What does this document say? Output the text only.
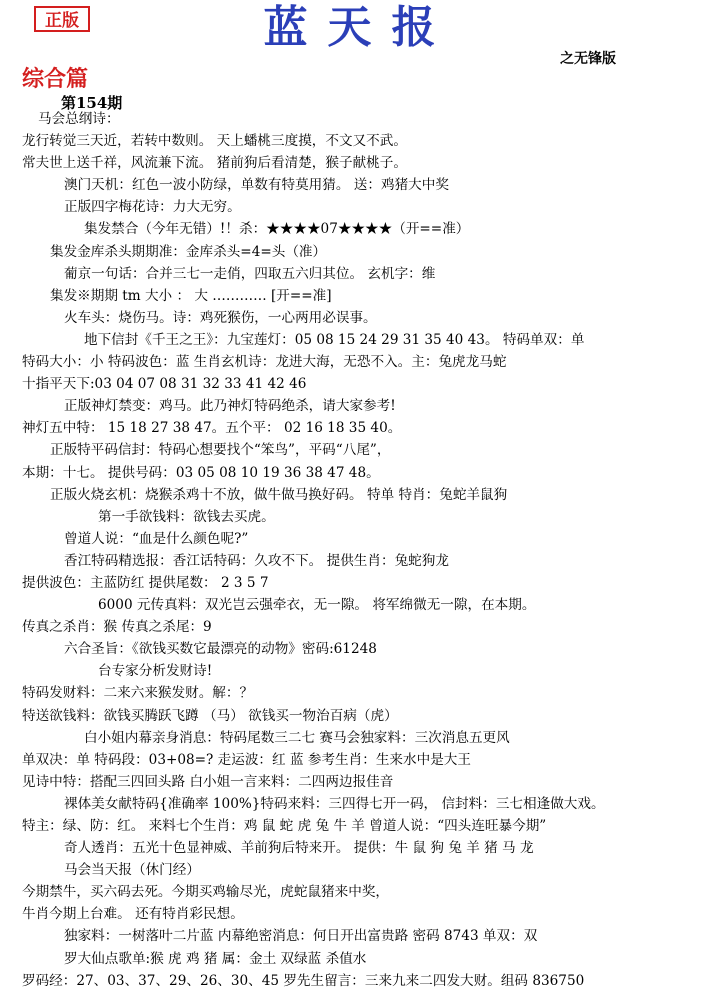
正版	蓝天报
之无锋版
综合篇
第154期
马会总纲诗：
龙行转觉三天近，若转中数则。 天上蟠桃三度摸，不文又不武。
常夫世上送千祥，风流兼下流。 猪前狗后看清楚，猴子献桃子。
澳门天机：红色一波小防绿，单数有特莫用猜。 送：鸡猪大中奖
正版四字梅花诗：力大无穷。
集发禁合（今年无错）!！杀：★★★★07★★★★（开==准）
集发金库杀头期期准：金库杀头=4=头（准）
葡京一句话：合并三七一走俏，四取五六归其位。 玄机字：维
集发※期期 tm 大小 ： 大 ………… [开==准]
火车头：烧伤马。诗：鸡死猴伤，一心两用必误事。
地下信封《千王之王》：九宝莲灯：05 08 15 24 29 31 35 40 43。 特码单双：单
特码大小：小 特码波色：蓝 生肖玄机诗：龙进大海，无恐不入。主：兔虎龙马蛇
十指平天下:03 04 07 08 31 32 33 41 42 46
正版神灯禁变：鸡马。此乃神灯特码绝杀，请大家参考!
神灯五中特： 15 18 27 38 47。五个平： 02 16 18 35 40。
正版特平码信封：特码心想要找个“笨鸟”，平码“八尾”，
本期：十七。 提供号码：03 05 08 10 19 36 38 47 48。
正版火烧玄机：烧猴杀鸡十不放，做牛做马换好码。 特单 特肖：兔蛇羊鼠狗
第一手欲钱料：欲钱去买虎。
曾道人说：“血是什么颜色呢?”
香江特码精选报：香江话特码：久攻不下。 提供生肖：兔蛇狗龙
提供波色：主蓝防红 提供尾数： 2 3 5 7
6000 元传真料：双光岂云强牵衣，无一隙。 将军绵微无一隙，在本期。
传真之杀肖：猴 传真之杀尾：9
六合圣旨：《欲钱买数它最漂亮的动物》密码:61248
台专家分析发财诗!
特码发财料：二来六来猴发财。解：？
特送欲钱料：欲钱买腾跃飞蹲 （马） 欲钱买一物治百病（虎）
白小姐内幕亲身消息：特码尾数三二七 赛马会独家料：三次消息五更风
单双决：单 特码段：03+08=? 走运波：红 蓝 参考生肖：生来水中是大王
见诗中特：搭配三四回头路 白小姐一言来料：二四两边报佳音
裸体美女献特码{准确率 100%}特码来料：三四得七开一码， 信封料：三七相逢做大戏。
特主：绿、防：红。 来料七个生肖：鸡 鼠 蛇 虎 兔 牛 羊 曾道人说：“四头连旺暴今期”
奇人透肖：五光十色显神威、羊前狗后特来开。 提供：牛 鼠 狗 兔 羊 猪 马 龙
马会当天报（休门经）
今期禁牛，买六码去死。今期买鸡输尽光，虎蛇鼠猪来中奖，
牛肖今期上台难。 还有特肖彩民想。
独家料：一树落叶二片蓝 内幕绝密消息：何日开出富贵路 密码 8743 单双：双
罗大仙点歌单:猴 虎 鸡 猪 属：金土 双绿蓝 杀值水
罗码经：27、03、37、29、26、30、45 罗先生留言：三来九来二四发大财。组码 836750
